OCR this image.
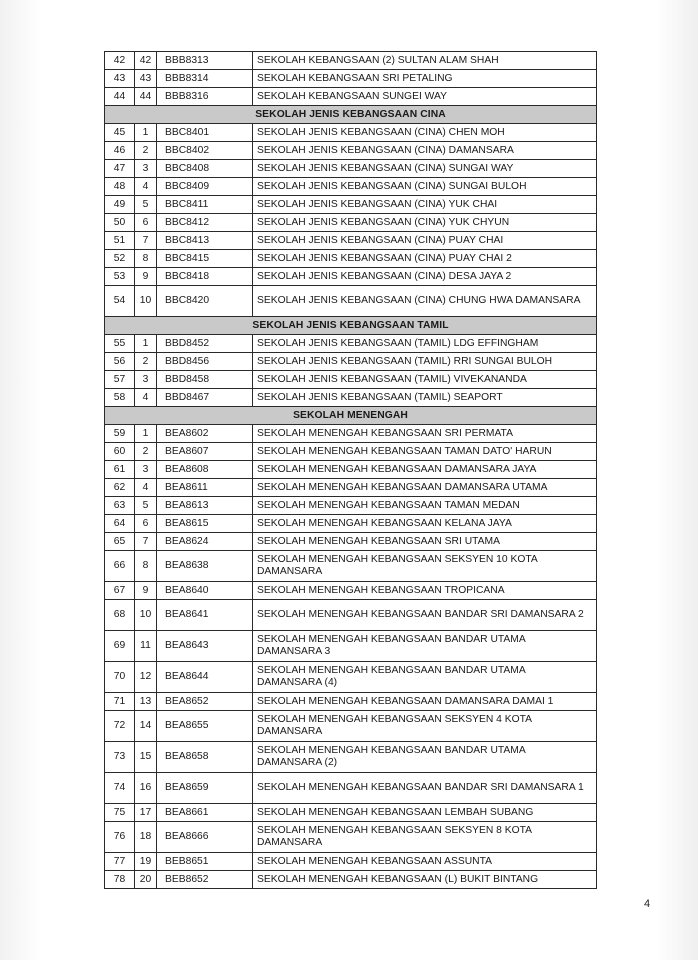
42	42	BBB8313	SEKOLAH KEBANGSAAN (2) SULTAN ALAM SHAH
43	43	BBB8314	SEKOLAH KEBANGSAAN SRI PETALING
44	44	BBB8316	SEKOLAH KEBANGSAAN SUNGEI WAY
SEKOLAH JENIS KEBANGSAAN CINA			
45	1	BBC8401	SEKOLAH JENIS KEBANGSAAN (CINA) CHEN MOH
46	2	BBC8402	SEKOLAH JENIS KEBANGSAAN (CINA) DAMANSARA
47	3	BBC8408	SEKOLAH JENIS KEBANGSAAN (CINA) SUNGAI WAY
48	4	BBC8409	SEKOLAH JENIS KEBANGSAAN (CINA) SUNGAI BULOH
49	5	BBC8411	SEKOLAH JENIS KEBANGSAAN (CINA) YUK CHAI
50	6	BBC8412	SEKOLAH JENIS KEBANGSAAN (CINA) YUK CHYUN
51	7	BBC8413	SEKOLAH JENIS KEBANGSAAN (CINA) PUAY CHAI
52	8	BBC8415	SEKOLAH JENIS KEBANGSAAN (CINA) PUAY CHAI 2
53	9	BBC8418	SEKOLAH JENIS KEBANGSAAN (CINA) DESA JAYA 2
54	10	BBC8420	SEKOLAH JENIS KEBANGSAAN (CINA) CHUNG HWA DAMANSARA
SEKOLAH JENIS KEBANGSAAN TAMIL			
55	1	BBD8452	SEKOLAH JENIS KEBANGSAAN (TAMIL) LDG EFFINGHAM
56	2	BBD8456	SEKOLAH JENIS KEBANGSAAN (TAMIL) RRI SUNGAI BULOH
57	3	BBD8458	SEKOLAH JENIS KEBANGSAAN (TAMIL) VIVEKANANDA
58	4	BBD8467	SEKOLAH JENIS KEBANGSAAN (TAMIL) SEAPORT
SEKOLAH MENENGAH			
59	1	BEA8602	SEKOLAH MENENGAH KEBANGSAAN SRI PERMATA
60	2	BEA8607	SEKOLAH MENENGAH KEBANGSAAN TAMAN DATO' HARUN
61	3	BEA8608	SEKOLAH MENENGAH KEBANGSAAN DAMANSARA JAYA
62	4	BEA8611	SEKOLAH MENENGAH KEBANGSAAN DAMANSARA UTAMA
63	5	BEA8613	SEKOLAH MENENGAH KEBANGSAAN TAMAN MEDAN
64	6	BEA8615	SEKOLAH MENENGAH KEBANGSAAN KELANA JAYA
65	7	BEA8624	SEKOLAH MENENGAH KEBANGSAAN SRI UTAMA
66	8	BEA8638	SEKOLAH MENENGAH KEBANGSAAN SEKSYEN 10 KOTA DAMANSARA
67	9	BEA8640	SEKOLAH MENENGAH KEBANGSAAN TROPICANA
68	10	BEA8641	SEKOLAH MENENGAH KEBANGSAAN BANDAR SRI DAMANSARA 2
69	11	BEA8643	SEKOLAH MENENGAH KEBANGSAAN BANDAR UTAMA DAMANSARA 3
70	12	BEA8644	SEKOLAH MENENGAH KEBANGSAAN BANDAR UTAMA DAMANSARA (4)
71	13	BEA8652	SEKOLAH MENENGAH KEBANGSAAN DAMANSARA DAMAI 1
72	14	BEA8655	SEKOLAH MENENGAH KEBANGSAAN SEKSYEN 4 KOTA DAMANSARA
73	15	BEA8658	SEKOLAH MENENGAH KEBANGSAAN BANDAR UTAMA DAMANSARA (2)
74	16	BEA8659	SEKOLAH MENENGAH KEBANGSAAN BANDAR SRI DAMANSARA 1
75	17	BEA8661	SEKOLAH MENENGAH KEBANGSAAN LEMBAH SUBANG
76	18	BEA8666	SEKOLAH MENENGAH KEBANGSAAN SEKSYEN 8 KOTA DAMANSARA
77	19	BEB8651	SEKOLAH MENENGAH KEBANGSAAN ASSUNTA
78	20	BEB8652	SEKOLAH MENENGAH KEBANGSAAN (L) BUKIT BINTANG
4
